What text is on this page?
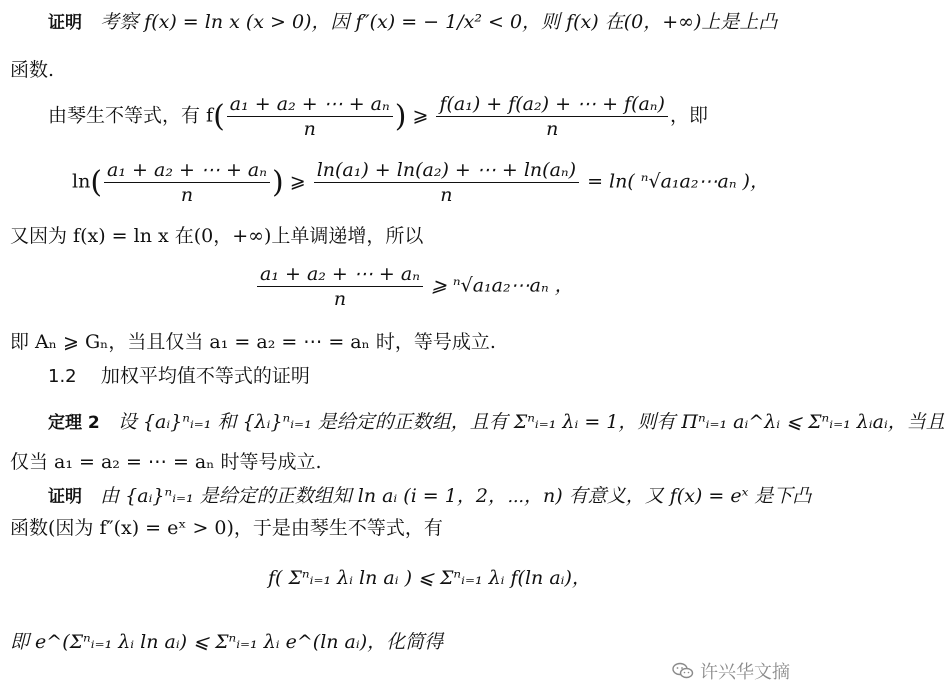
证明 考察 f(x) = ln x (x > 0)，因 f″(x) = − 1/x² < 0，则 f(x) 在(0，+∞)上是上凸
函数.
由琴生不等式，有 $f( \frac{\text{a₁ + a₂ + ⋯ + aₙ}}{n}$ ) ⩾ $\frac{\text{f(a₁) + f(a₂) + ⋯ + f(aₙ)}}{n}$ ，即
$\ln( \frac{\text{a₁ + a₂ + ⋯ + aₙ}}{n}$ ) ⩾ $\frac{\text{ln(a₁) + ln(a₂) + ⋯ + ln(aₙ)}}{n} = \ln$( ⁿ√a₁a₂⋯aₙ )，
又因为 f(x) = ln x 在(0，+∞)上单调递增，所以
$\frac{\text{a₁ + a₂ + ⋯ + aₙ}}{n}$ ⩾ ⁿ√a₁a₂⋯aₙ ，
即 Aₙ ⩾ Gₙ，当且仅当 a₁ = a₂ = ⋯ = aₙ 时，等号成立.
1.2 加权平均值不等式的证明
定理 2 设 {aᵢ}ⁿᵢ₌₁ 和 {λᵢ}ⁿᵢ₌₁ 是给定的正数组，且有 Σⁿᵢ₌₁ λᵢ = 1，则有 Πⁿᵢ₌₁ aᵢ^λᵢ ⩽ Σⁿᵢ₌₁ λᵢaᵢ，当且
仅当 a₁ = a₂ = ⋯ = aₙ 时等号成立.
证明 由 {aᵢ}ⁿᵢ₌₁ 是给定的正数组知 ln aᵢ (i = 1，2，⋯，n) 有意义，又 f(x) = eˣ 是下凸
函数(因为 f″(x) = eˣ > 0)，于是由琴生不等式，有
f( Σⁿᵢ₌₁ λᵢ ln aᵢ ) ⩽ Σⁿᵢ₌₁ λᵢ f(ln aᵢ)，
即 e^(Σⁿᵢ₌₁ λᵢ ln aᵢ) ⩽ Σⁿᵢ₌₁ λᵢ e^(ln aᵢ)，化简得
许兴华文摘
